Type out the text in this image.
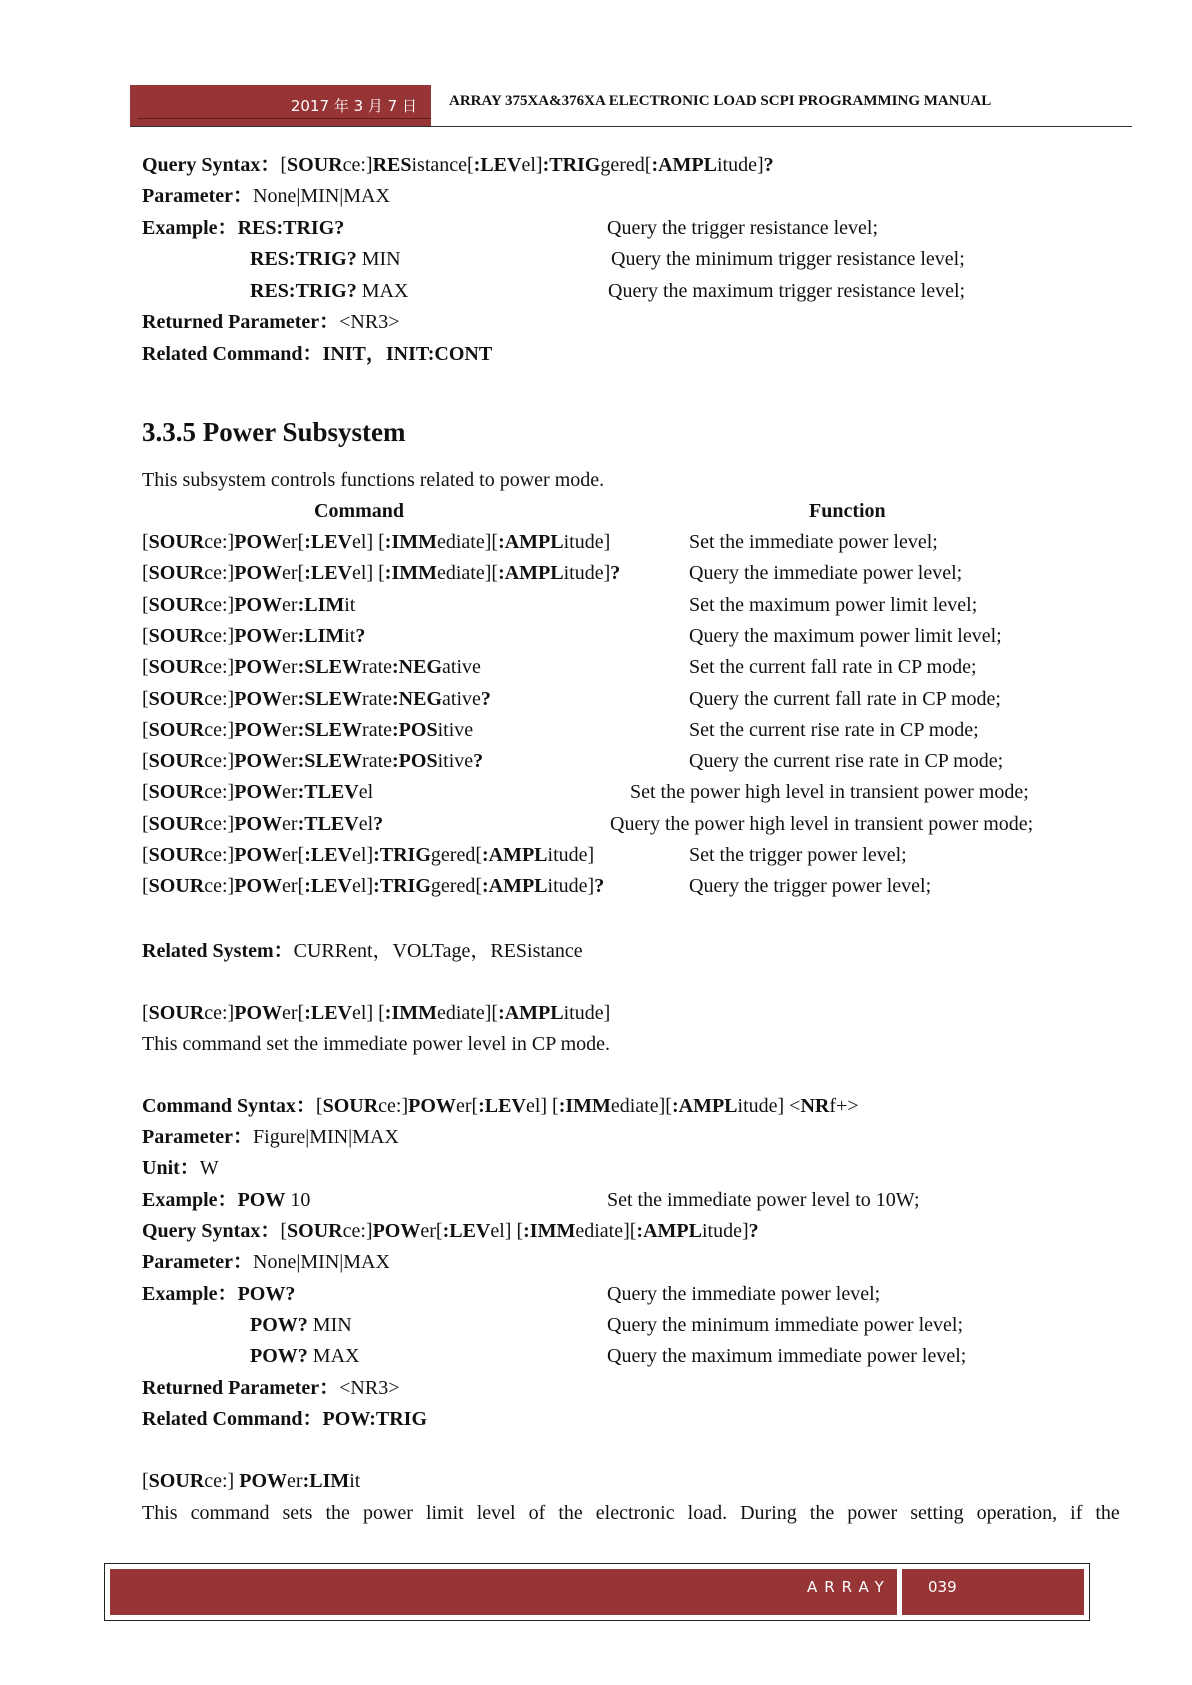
2017 年 3 月 7 日 ARRAY 375XA&376XA ELECTRONIC LOAD SCPI PROGRAMMING MANUAL
Query Syntax：[SOURce:]RESistance[:LEVel]:TRIGgered[:AMPLitude]?
Parameter：None|MIN|MAX
Example：RES:TRIG?	Query the trigger resistance level;
RES:TRIG? MIN	Query the minimum trigger resistance level;
RES:TRIG? MAX	Query the maximum trigger resistance level;
Returned Parameter：<NR3>
Related Command：INIT，INIT:CONT
3.3.5 Power Subsystem
This subsystem controls functions related to power mode.
Command	Function
[SOURce:]POWer[:LEVel] [:IMMediate][:AMPLitude]	Set the immediate power level;
[SOURce:]POWer[:LEVel] [:IMMediate][:AMPLitude]?	Query the immediate power level;
[SOURce:]POWer:LIMit	Set the maximum power limit level;
[SOURce:]POWer:LIMit?	Query the maximum power limit level;
[SOURce:]POWer:SLEWrate:NEGative	Set the current fall rate in CP mode;
[SOURce:]POWer:SLEWrate:NEGative?	Query the current fall rate in CP mode;
[SOURce:]POWer:SLEWrate:POSitive	Set the current rise rate in CP mode;
[SOURce:]POWer:SLEWrate:POSitive?	Query the current rise rate in CP mode;
[SOURce:]POWer:TLEVel	Set the power high level in transient power mode;
[SOURce:]POWer:TLEVel?	Query the power high level in transient power mode;
[SOURce:]POWer[:LEVel]:TRIGgered[:AMPLitude]	Set the trigger power level;
[SOURce:]POWer[:LEVel]:TRIGgered[:AMPLitude]?	Query the trigger power level;
Related System：CURRent，VOLTage，RESistance
[SOURce:]POWer[:LEVel] [:IMMediate][:AMPLitude]
This command set the immediate power level in CP mode.
Command Syntax：[SOURce:]POWer[:LEVel] [:IMMediate][:AMPLitude] <NRf+>
Parameter：Figure|MIN|MAX
Unit：W
Example：POW 10	Set the immediate power level to 10W;
Query Syntax：[SOURce:]POWer[:LEVel] [:IMMediate][:AMPLitude]?
Parameter：None|MIN|MAX
Example：POW?	Query the immediate power level;
POW? MIN	Query the minimum immediate power level;
POW? MAX	Query the maximum immediate power level;
Returned Parameter：<NR3>
Related Command：POW:TRIG
[SOURce:] POWer:LIMit
This command sets the power limit level of the electronic load. During the power setting operation, if the
ARRAY 039
